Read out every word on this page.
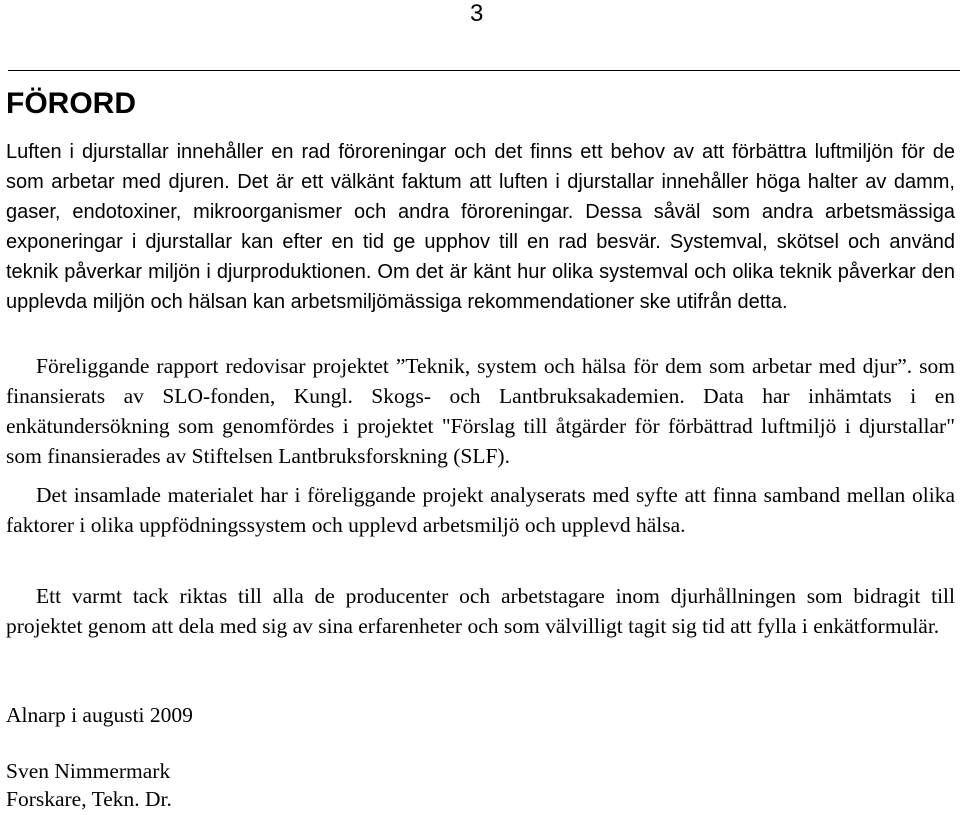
3
FÖRORD

Luften i djurstallar innehåller en rad föroreningar och det finns ett behov av att förbättra luftmiljön för de som arbetar med djuren. Det är ett välkänt faktum att luften i djurstallar innehåller höga halter av damm, gaser, endotoxiner, mikroorganismer och andra föroreningar. Dessa såväl som andra arbetsmässiga exponeringar i djurstallar kan efter en tid ge upphov till en rad besvär. Systemval, skötsel och använd teknik påverkar miljön i djurproduktionen. Om det är känt hur olika systemval och olika teknik påverkar den upplevda miljön och hälsan kan arbetsmiljömässiga rekommendationer ske utifrån detta.

Föreliggande rapport redovisar projektet ”Teknik, system och hälsa för dem som arbetar med djur”. som finansierats av SLO-fonden, Kungl. Skogs- och Lantbruksakademien. Data har inhämtats i en enkätundersökning som genomfördes i projektet "Förslag till åtgärder för förbättrad luftmiljö i djurstallar" som finansierades av Stiftelsen Lantbruksforskning (SLF).

Det insamlade materialet har i föreliggande projekt analyserats med syfte att finna samband mellan olika faktorer i olika uppfödningssystem och upplevd arbetsmiljö och upplevd hälsa.

Ett varmt tack riktas till alla de producenter och arbetstagare inom djurhållningen som bidragit till projektet genom att dela med sig av sina erfarenheter och som välvilligt tagit sig tid att fylla i enkätformulär.

Alnarp i augusti 2009

Sven Nimmermark

Forskare, Tekn. Dr.
